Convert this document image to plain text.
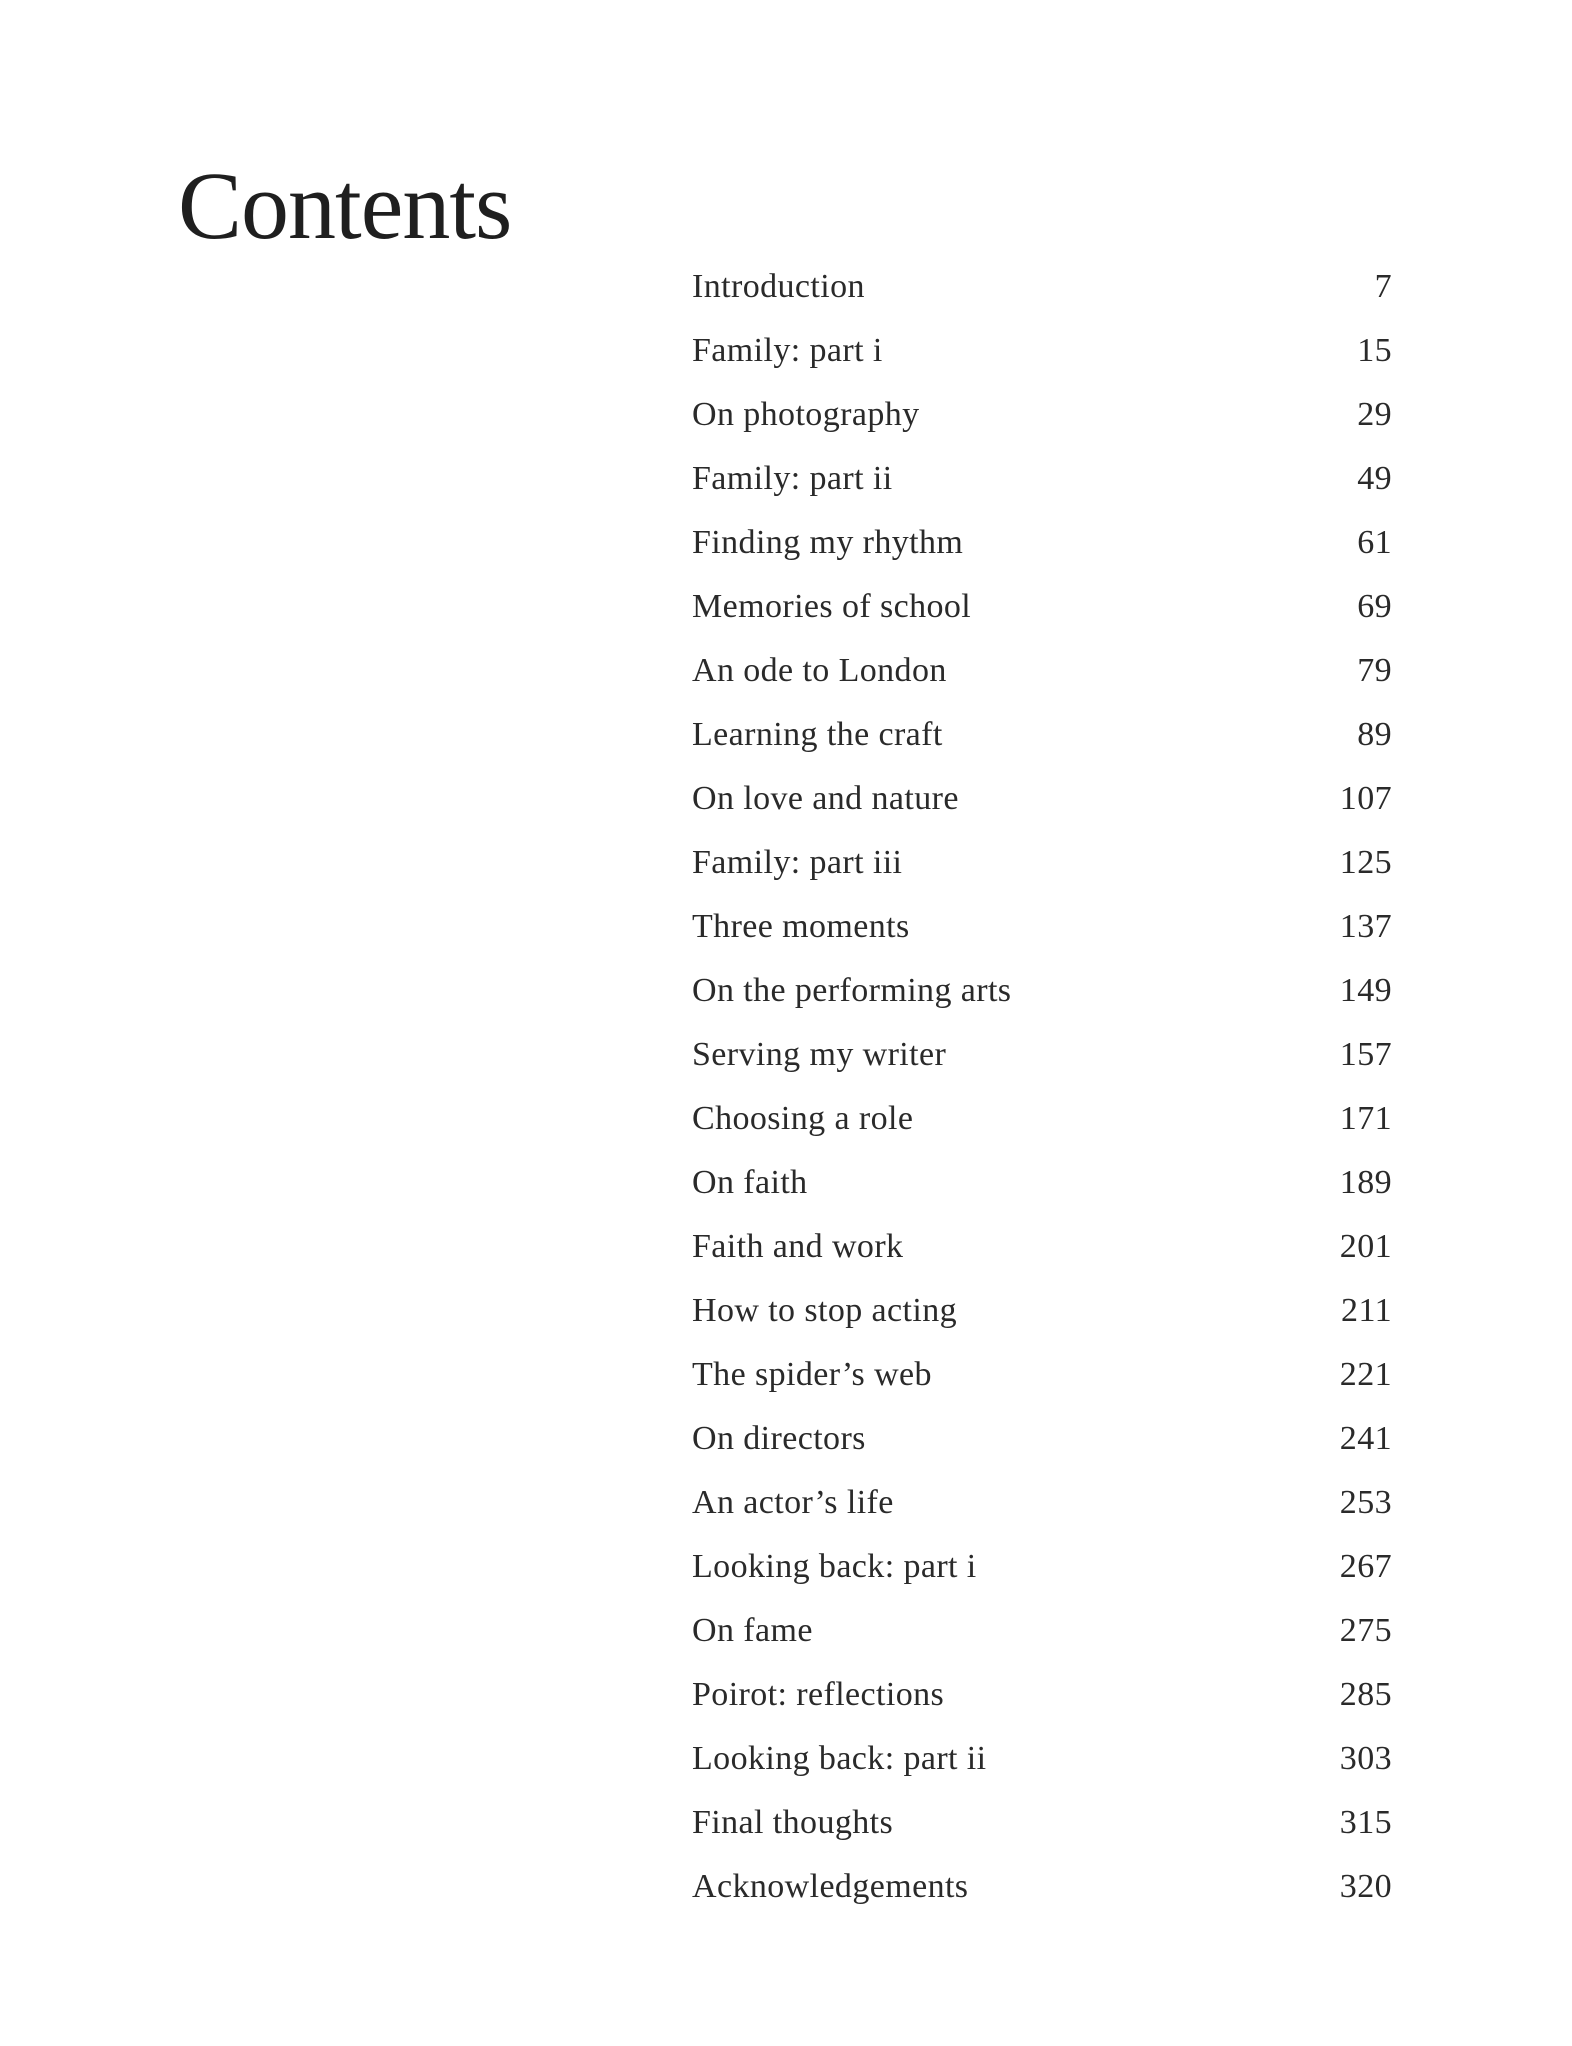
Contents
Introduction	7
Family: part i	15
On photography	29
Family: part ii	49
Finding my rhythm	61
Memories of school	69
An ode to London	79
Learning the craft	89
On love and nature	107
Family: part iii	125
Three moments	137
On the performing arts	149
Serving my writer	157
Choosing a role	171
On faith	189
Faith and work	201
How to stop acting	211
The spider’s web	221
On directors	241
An actor’s life	253
Looking back: part i	267
On fame	275
Poirot: reflections	285
Looking back: part ii	303
Final thoughts	315
Acknowledgements	320
